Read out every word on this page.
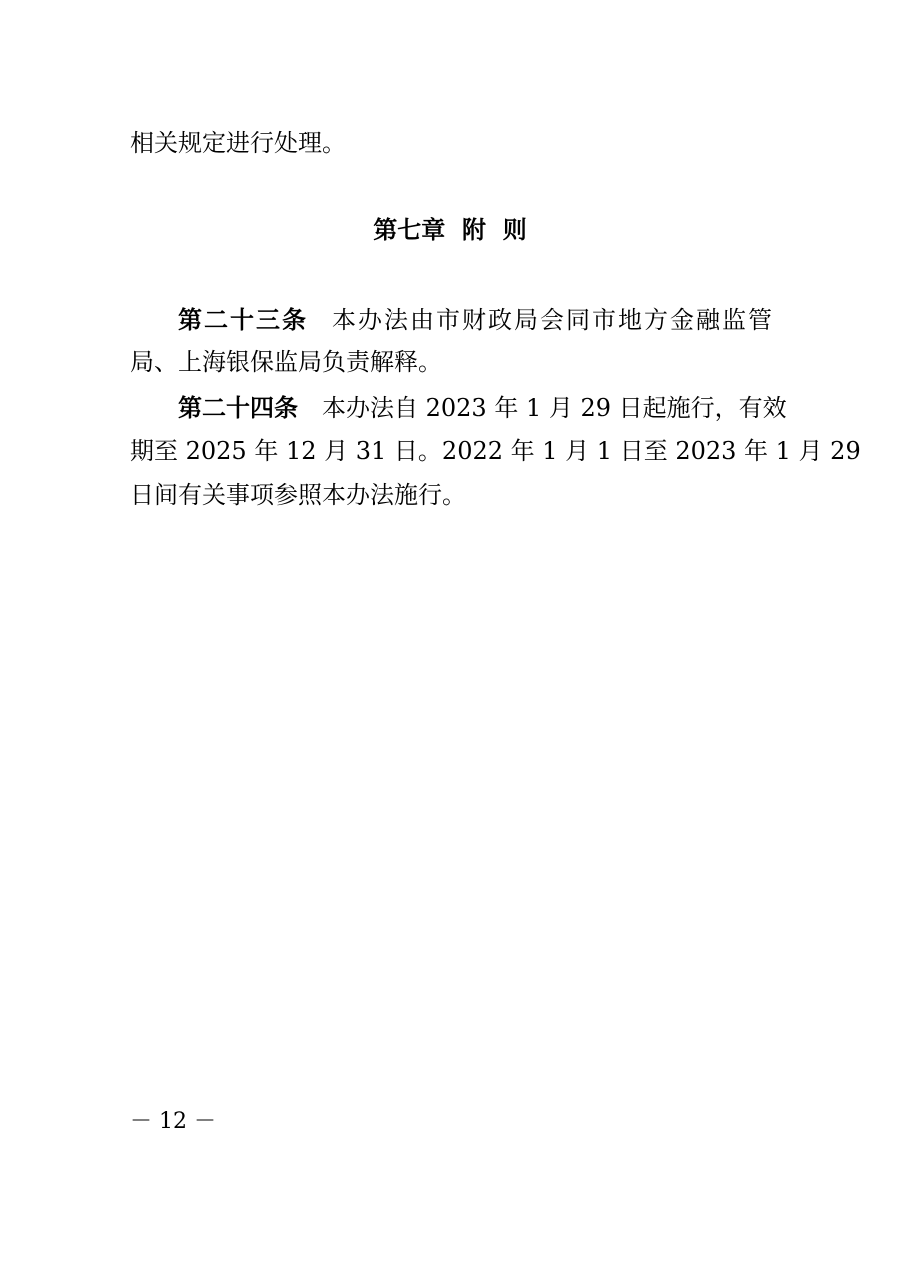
相关规定进行处理。
第七章  附  则
第二十三条 本办法由市财政局会同市地方金融监管
局、上海银保监局负责解释。
第二十四条 本办法自 2023 年 1 月 29 日起施行，有效
期至 2025 年 12 月 31 日。2022 年 1 月 1 日至 2023 年 1 月 29
日间有关事项参照本办法施行。
－ 12 －
